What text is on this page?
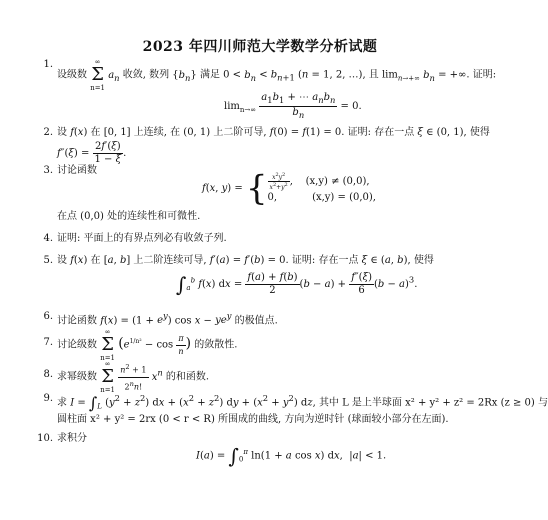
2023 年四川师范大学数学分析试题
1.
设级数
∞
Σ
n=1
$a_n$ 收敛, 数列 $\{b_n\}$ 满足 $0 < b_n < b_{n+1}$ (n = 1, 2, …), 且 $\lim_{n\to+\infty} b_n$ = +∞. 证明:
$\lim_{n\to\infty} \frac{a_1b_1 + \cdots a_nb_n}{b_n} = 0$.
2. 设 f(x) 在 [0, 1] 上连续, 在 (0, 1) 上二阶可导, f(0) = f(1) = 0. 证明: 存在一点 ξ ∈ (0, 1), 使得
$f''(\xi) = \frac{2f'(\xi)}{1 - \xi}$ .
3. 讨论函数
f(x, y) = { $\frac{x^2y^2}{x^2+y^2}$ ,    (x,y) ≠ (0,0),
0,           (x,y) = (0,0),
在点 (0,0) 处的连续性和可微性.
4. 证明: 平面上的有界点列必有收敛子列.
5. 设 f(x) 在 [a, b] 上二阶连续可导, f′(a) = f′(b) = 0. 证明: 存在一点 ξ ∈ (a, b), 使得
$\int_a^b$ f(x) dx = $\frac{f(a) + f(b)}{2} (b - a) + \frac{f''(\xi)}{6} (b - a)^3$.
6. 讨论函数 $f(x) = (1 + e^y)$ $\cos x - ye^y$ 的极值点.
7. 讨论级数
∞
Σ
n=1
($e^{1/n^2} - \cos \frac{\pi}{n}$ ) 的敛散性.
8. 求幂级数
∞
Σ
n=1
$\frac{n^2 + 1}{2^nn!} x^n$ 的和函数.
9. 求 $I = \int_L$ $(y^2 + z^2)$ dx + $(x^2 + z^2)$ dy + $(x^2 + y^2)$ dz, 其中 L 是上半球面 x² + y² + z² = 2Rx (z ≥ 0) 与
圆柱面 x² + y² = 2rx (0 < r < R) 所围成的曲线, 方向为逆时针 (球面较小部分在左面).
10. 求积分
$I(a) = \int_0^\pi$ ln(1 + a cos x) dx,  |a| < 1.
